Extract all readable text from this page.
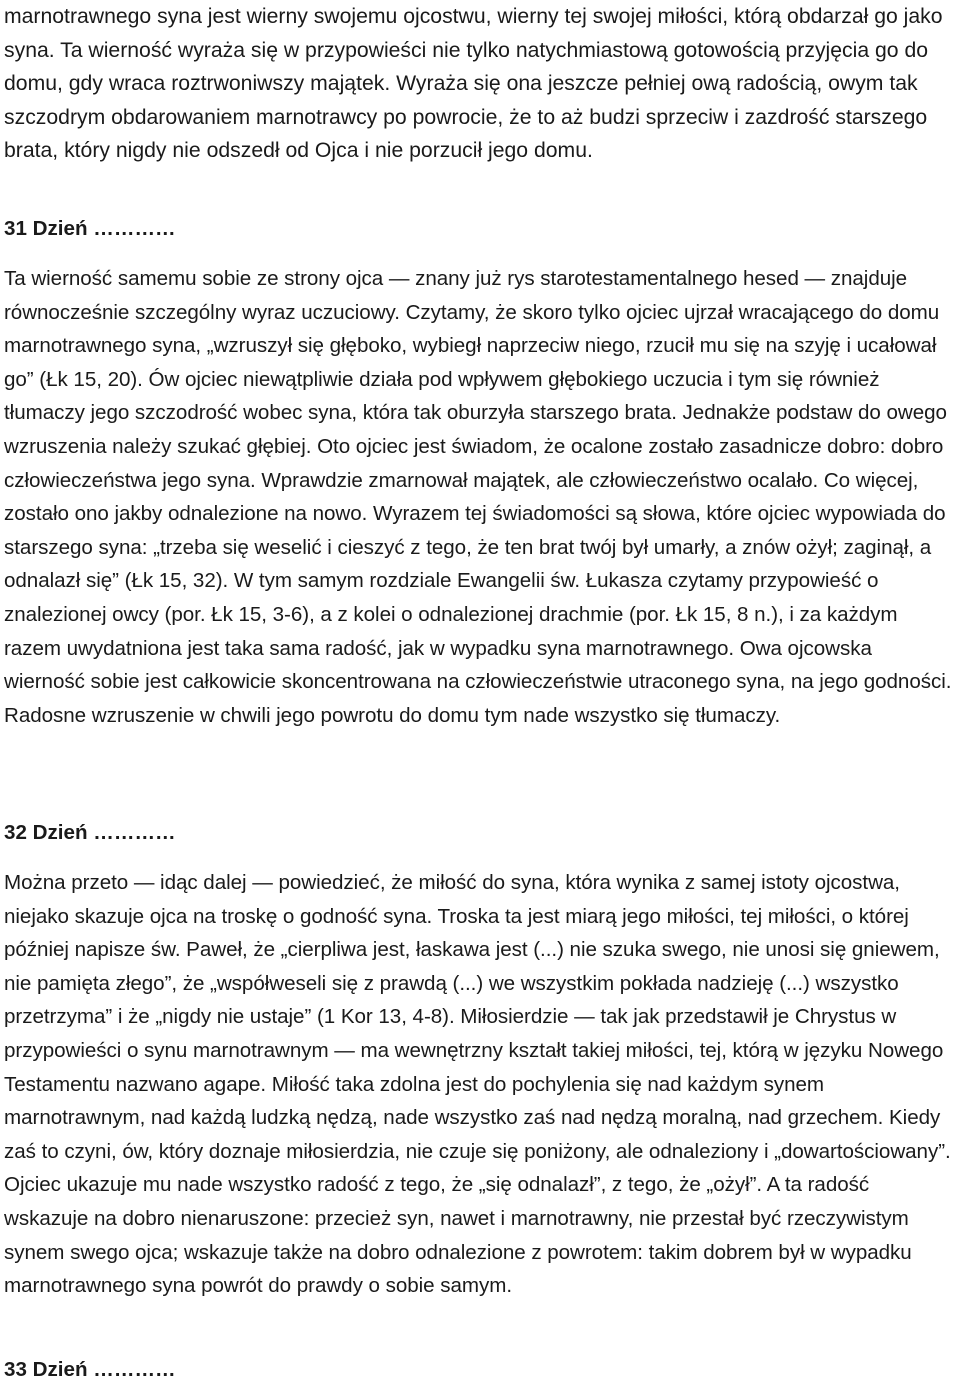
marnotrawnego syna jest wierny swojemu ojcostwu, wierny tej swojej miłości, którą obdarzał go jako syna. Ta wierność wyraża się w przypowieści nie tylko natychmiastową gotowością przyjęcia go do domu, gdy wraca roztrwoniwszy majątek. Wyraża się ona jeszcze pełniej ową radością, owym tak szczodrym obdarowaniem marnotrawcy po powrocie, że to aż budzi sprzeciw i zazdrość starszego brata, który nigdy nie odszedł od Ojca i nie porzucił jego domu.

31 Dzień …………

Ta wierność samemu sobie ze strony ojca — znany już rys starotestamentalnego hesed — znajduje równocześnie szczególny wyraz uczuciowy. Czytamy, że skoro tylko ojciec ujrzał wracającego do domu marnotrawnego syna, „wzruszył się głęboko, wybiegł naprzeciw niego, rzucił mu się na szyję i ucałował go” (Łk 15, 20). Ów ojciec niewątpliwie działa pod wpływem głębokiego uczucia i tym się również tłumaczy jego szczodrość wobec syna, która tak oburzyła starszego brata. Jednakże podstaw do owego wzruszenia należy szukać głębiej. Oto ojciec jest świadom, że ocalone zostało zasadnicze dobro: dobro człowieczeństwa jego syna. Wprawdzie zmarnował majątek, ale człowieczeństwo ocalało. Co więcej, zostało ono jakby odnalezione na nowo. Wyrazem tej świadomości są słowa, które ojciec wypowiada do starszego syna: „trzeba się weselić i cieszyć z tego, że ten brat twój był umarły, a znów ożył; zaginął, a odnalazł się” (Łk 15, 32). W tym samym rozdziale Ewangelii św. Łukasza czytamy przypowieść o znalezionej owcy (por. Łk 15, 3-6), a z kolei o odnalezionej drachmie (por. Łk 15, 8 n.), i za każdym razem uwydatniona jest taka sama radość, jak w wypadku syna marnotrawnego. Owa ojcowska wierność sobie jest całkowicie skoncentrowana na człowieczeństwie utraconego syna, na jego godności. Radosne wzruszenie w chwili jego powrotu do domu tym nade wszystko się tłumaczy.

32 Dzień …………

Można przeto — idąc dalej — powiedzieć, że miłość do syna, która wynika z samej istoty ojcostwa, niejako skazuje ojca na troskę o godność syna. Troska ta jest miarą jego miłości, tej miłości, o której później napisze św. Paweł, że „cierpliwa jest, łaskawa jest (...) nie szuka swego, nie unosi się gniewem, nie pamięta złego”, że „współweseli się z prawdą (...) we wszystkim pokłada nadzieję (...) wszystko przetrzyma” i że „nigdy nie ustaje” (1 Kor 13, 4-8). Miłosierdzie — tak jak przedstawił je Chrystus w przypowieści o synu marnotrawnym — ma wewnętrzny kształt takiej miłości, tej, którą w języku Nowego Testamentu nazwano agape. Miłość taka zdolna jest do pochylenia się nad każdym synem marnotrawnym, nad każdą ludzką nędzą, nade wszystko zaś nad nędzą moralną, nad grzechem. Kiedy zaś to czyni, ów, który doznaje miłosierdzia, nie czuje się poniżony, ale odnaleziony i „dowartościowany”. Ojciec ukazuje mu nade wszystko radość z tego, że „się odnalazł”, z tego, że „ożył”. A ta radość wskazuje na dobro nienaruszone: przecież syn, nawet i marnotrawny, nie przestał być rzeczywistym synem swego ojca; wskazuje także na dobro odnalezione z powrotem: takim dobrem był w wypadku marnotrawnego syna powrót do prawdy o sobie samym.

33 Dzień …………
